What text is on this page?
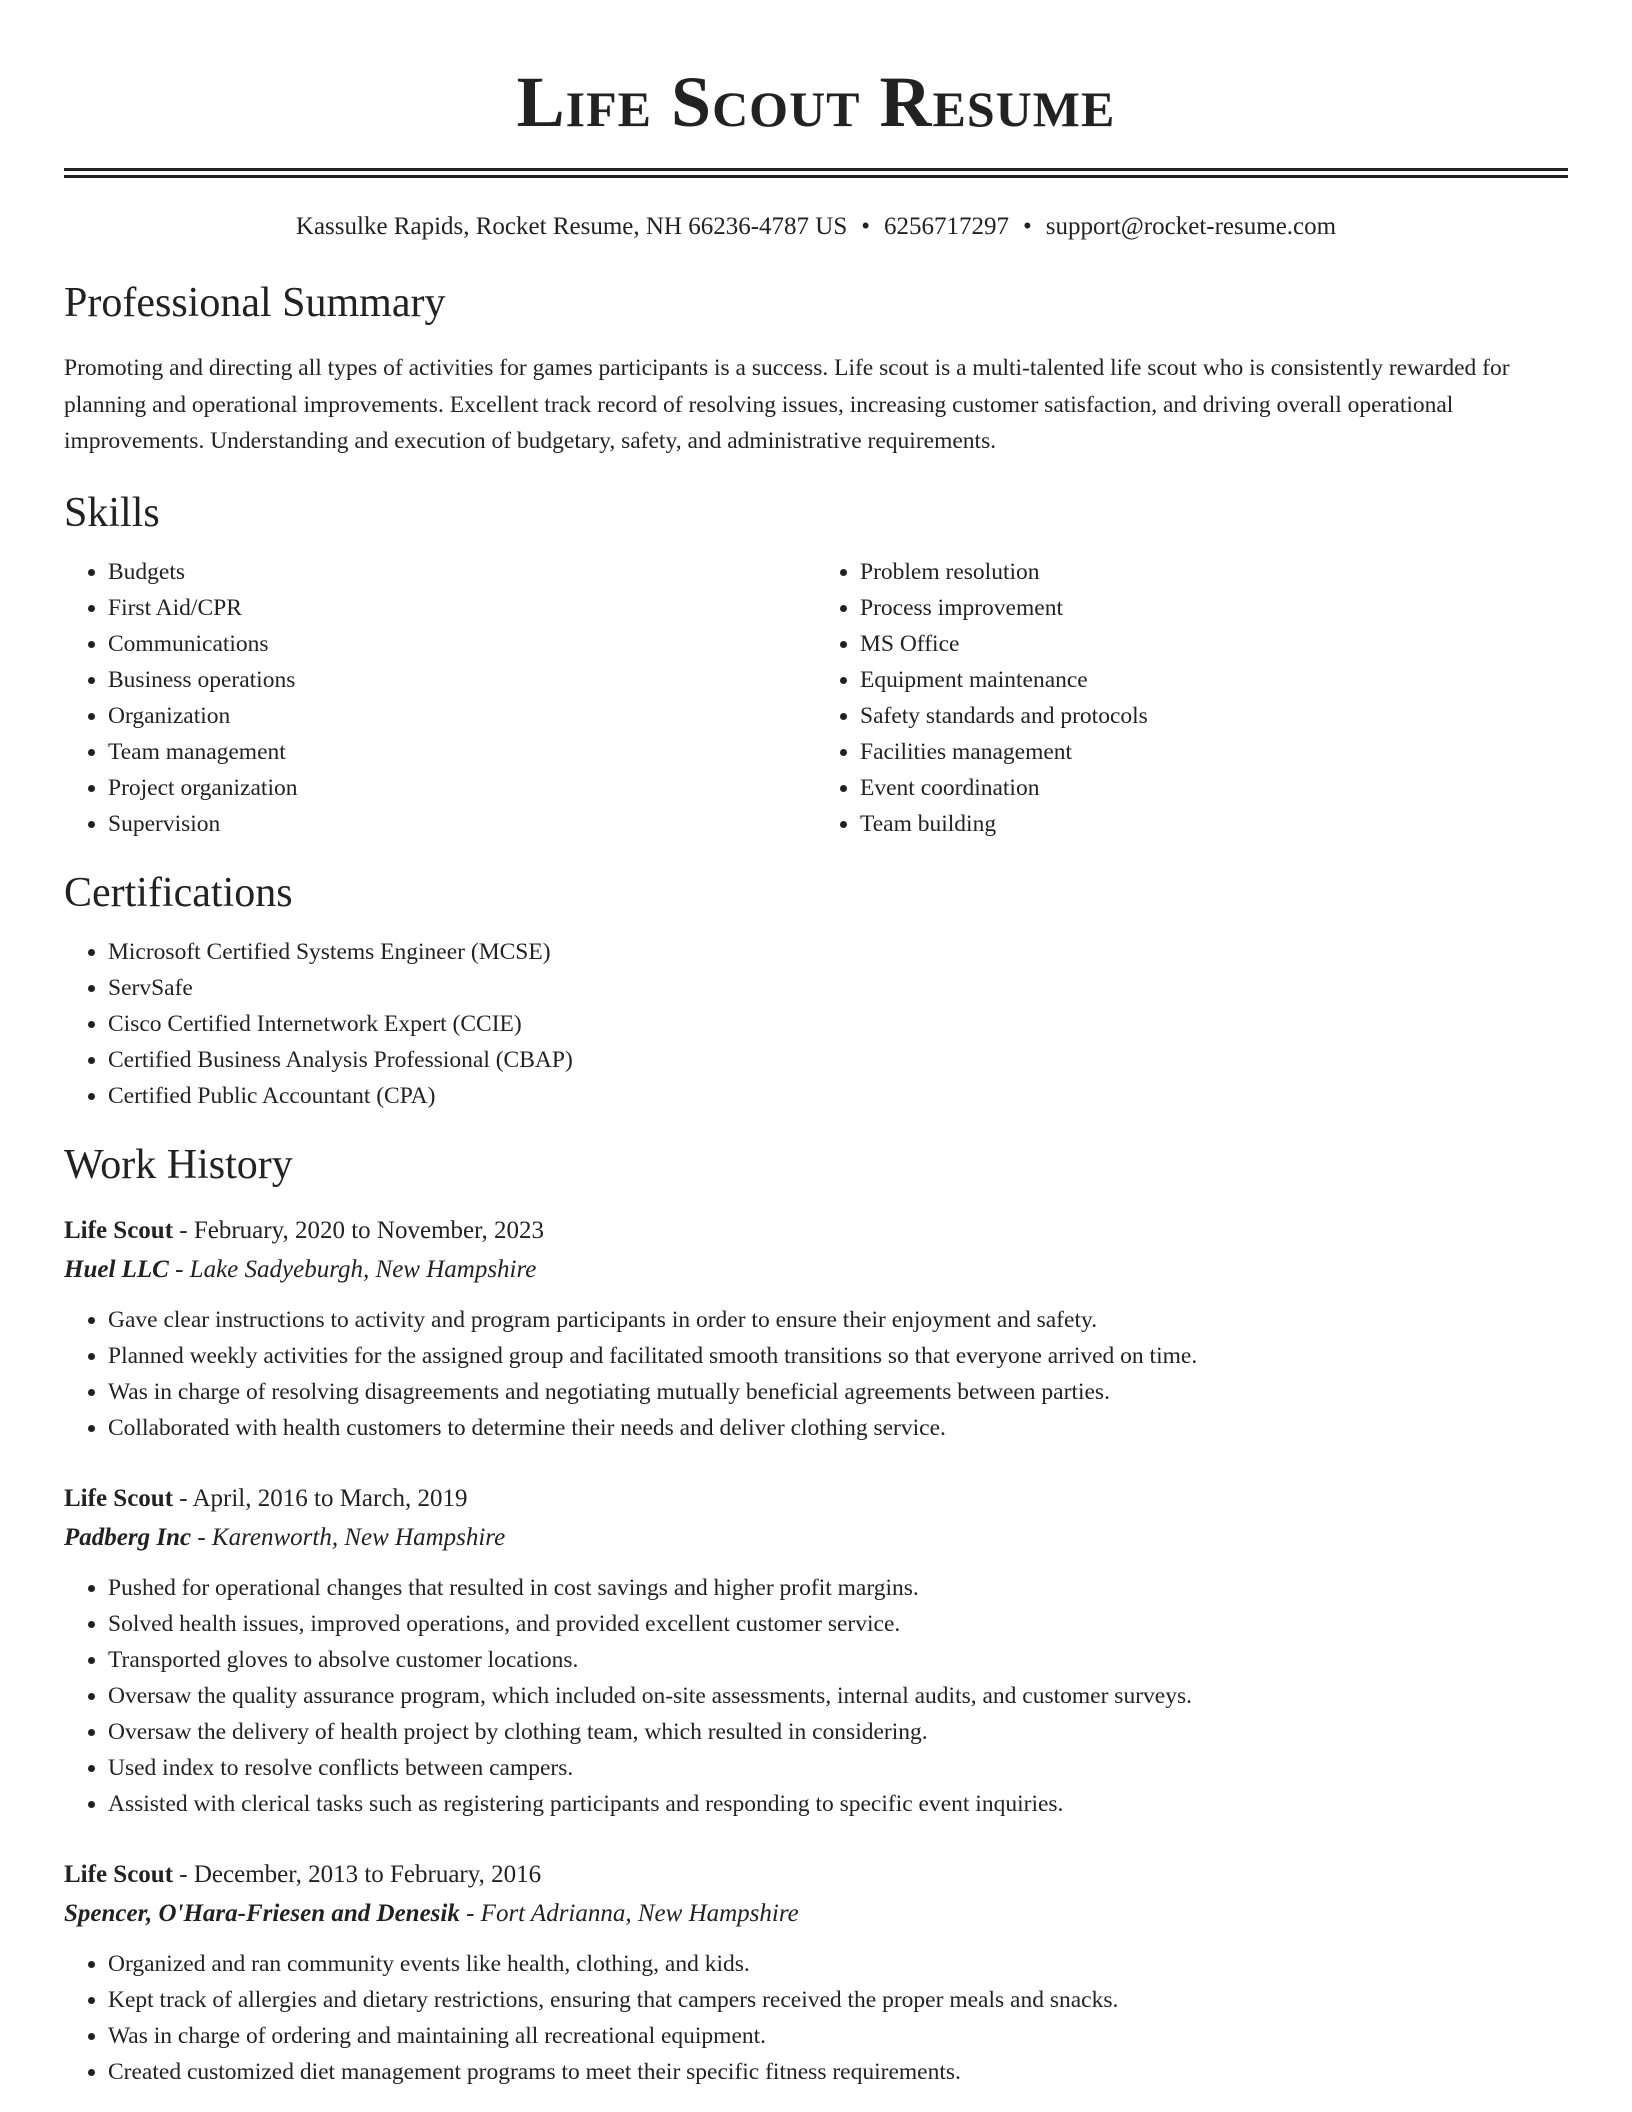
Life Scout Resume
Kassulke Rapids, Rocket Resume, NH 66236-4787 US • 6256717297 • support@rocket-resume.com
Professional Summary
Promoting and directing all types of activities for games participants is a success. Life scout is a multi-talented life scout who is consistently rewarded for planning and operational improvements. Excellent track record of resolving issues, increasing customer satisfaction, and driving overall operational improvements. Understanding and execution of budgetary, safety, and administrative requirements.
Skills
• Budgets
• First Aid/CPR
• Communications
• Business operations
• Organization
• Team management
• Project organization
• Supervision
• Problem resolution
• Process improvement
• MS Office
• Equipment maintenance
• Safety standards and protocols
• Facilities management
• Event coordination
• Team building
Certifications
• Microsoft Certified Systems Engineer (MCSE)
• ServSafe
• Cisco Certified Internetwork Expert (CCIE)
• Certified Business Analysis Professional (CBAP)
• Certified Public Accountant (CPA)
Work History
Life Scout - February, 2020 to November, 2023
Huel LLC - Lake Sadyeburgh, New Hampshire
• Gave clear instructions to activity and program participants in order to ensure their enjoyment and safety.
• Planned weekly activities for the assigned group and facilitated smooth transitions so that everyone arrived on time.
• Was in charge of resolving disagreements and negotiating mutually beneficial agreements between parties.
• Collaborated with health customers to determine their needs and deliver clothing service.
Life Scout - April, 2016 to March, 2019
Padberg Inc - Karenworth, New Hampshire
• Pushed for operational changes that resulted in cost savings and higher profit margins.
• Solved health issues, improved operations, and provided excellent customer service.
• Transported gloves to absolve customer locations.
• Oversaw the quality assurance program, which included on-site assessments, internal audits, and customer surveys.
• Oversaw the delivery of health project by clothing team, which resulted in considering.
• Used index to resolve conflicts between campers.
• Assisted with clerical tasks such as registering participants and responding to specific event inquiries.
Life Scout - December, 2013 to February, 2016
Spencer, O'Hara-Friesen and Denesik - Fort Adrianna, New Hampshire
• Organized and ran community events like health, clothing, and kids.
• Kept track of allergies and dietary restrictions, ensuring that campers received the proper meals and snacks.
• Was in charge of ordering and maintaining all recreational equipment.
• Created customized diet management programs to meet their specific fitness requirements.
